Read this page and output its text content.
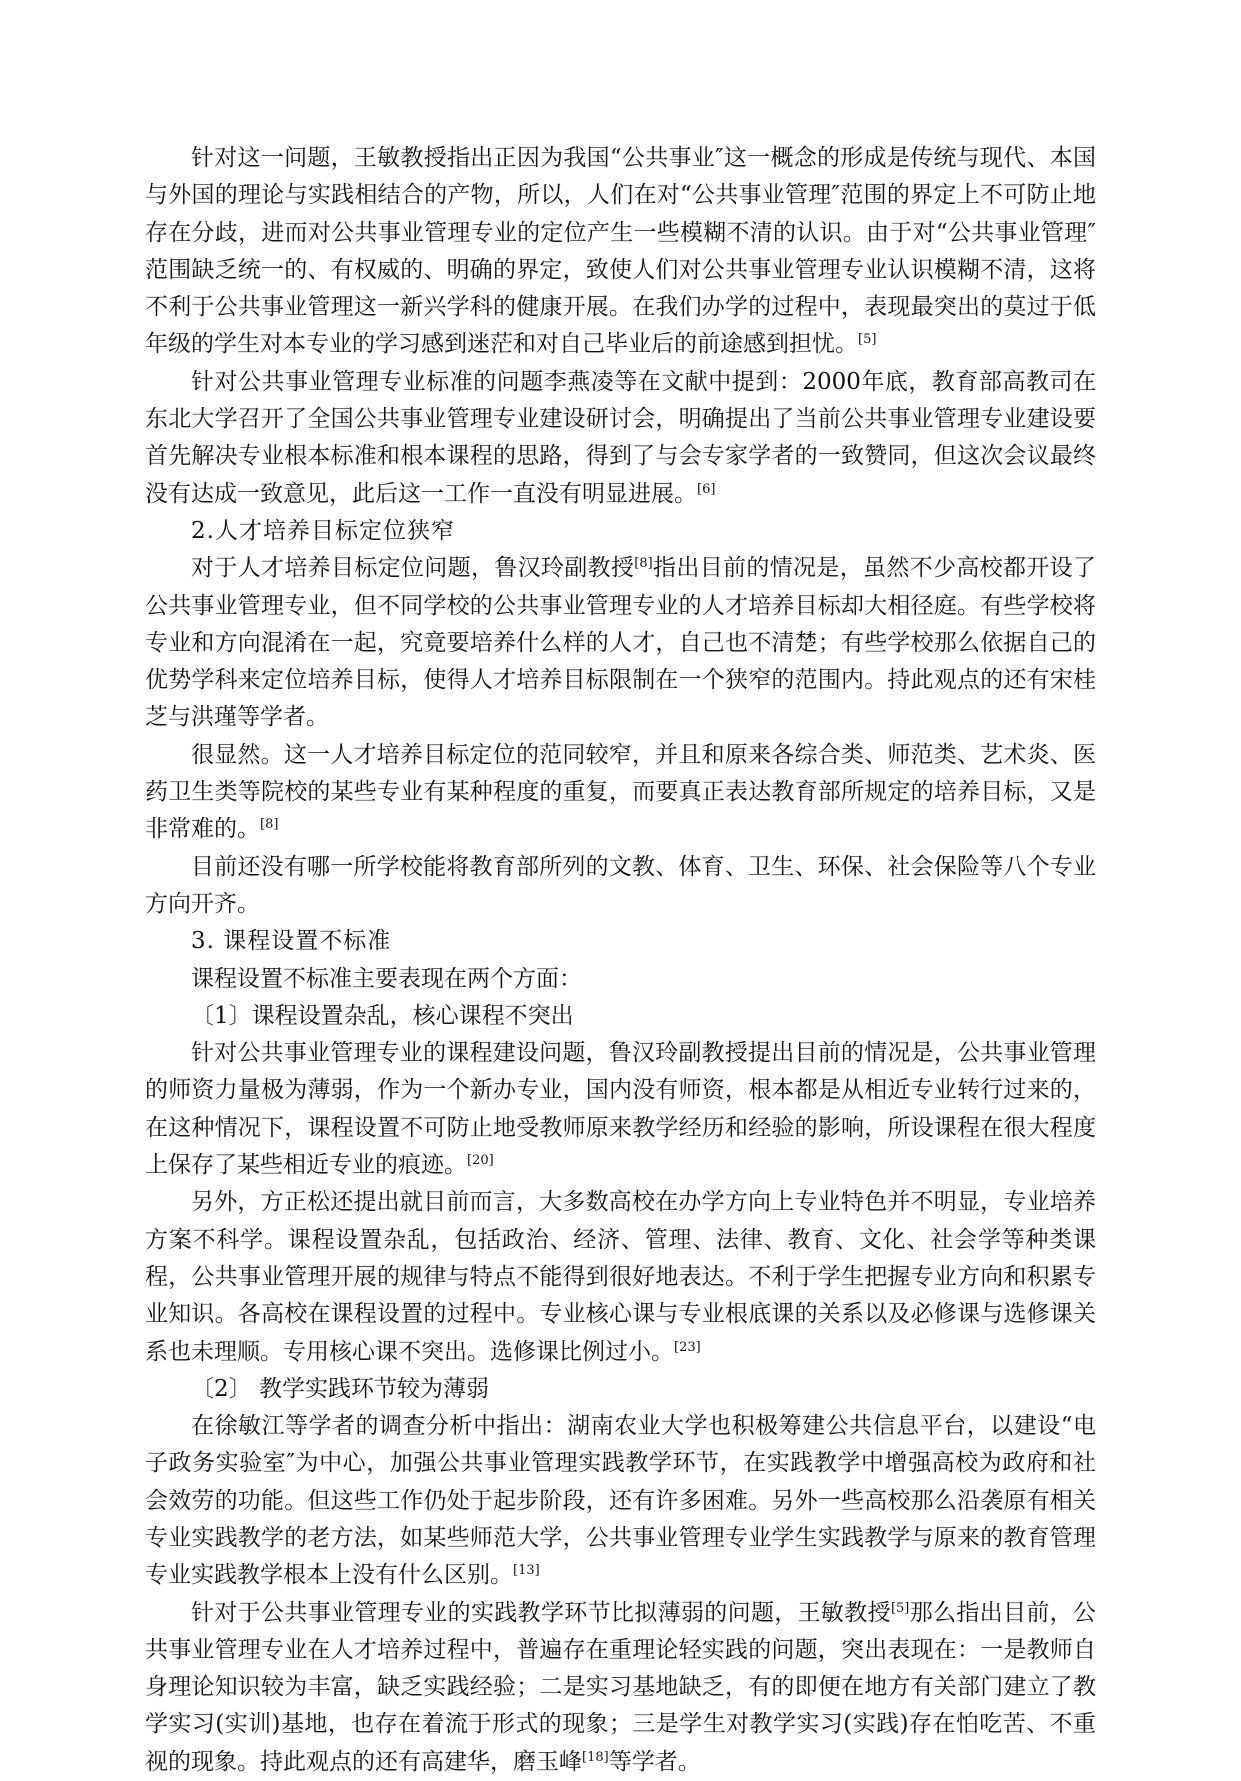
针对这一问题，王敏教授指出正因为我国“公共事业″这一概念的形成是传统与现代、本国与外国的理论与实践相结合的产物，所以，人们在对“公共事业管理″范围的界定上不可防止地存在分歧，进而对公共事业管理专业的定位产生一些模糊不清的认识。由于对“公共事业管理″范围缺乏统一的、有权威的、明确的界定，致使人们对公共事业管理专业认识模糊不清，这将不利于公共事业管理这一新兴学科的健康开展。在我们办学的过程中，表现最突出的莫过于低年级的学生对本专业的学习感到迷茫和对自己毕业后的前途感到担忧。[5]

针对公共事业管理专业标准的问题李燕凌等在文献中提到：2000年底，教育部高教司在东北大学召开了全国公共事业管理专业建设研讨会，明确提出了当前公共事业管理专业建设要首先解决专业根本标准和根本课程的思路，得到了与会专家学者的一致赞同，但这次会议最终没有达成一致意见，此后这一工作一直没有明显进展。[6]

2.人才培养目标定位狭窄

对于人才培养目标定位问题，鲁汉玲副教授[8]指出目前的情况是，虽然不少高校都开设了公共事业管理专业，但不同学校的公共事业管理专业的人才培养目标却大相径庭。有些学校将专业和方向混淆在一起，究竟要培养什么样的人才，自己也不清楚；有些学校那么依据自己的优势学科来定位培养目标，使得人才培养目标限制在一个狭窄的范围内。持此观点的还有宋桂芝与洪瑾等学者。

很显然。这一人才培养目标定位的范同较窄，并且和原来各综合类、师范类、艺术炎、医药卫生类等院校的某些专业有某种程度的重复，而要真正表达教育部所规定的培养目标，又是非常难的。[8]

目前还没有哪一所学校能将教育部所列的文教、体育、卫生、环保、社会保险等八个专业方向开齐。

3. 课程设置不标准

课程设置不标准主要表现在两个方面：

〔1〕课程设置杂乱，核心课程不突出

针对公共事业管理专业的课程建设问题，鲁汉玲副教授提出目前的情况是，公共事业管理的师资力量极为薄弱，作为一个新办专业，国内没有师资，根本都是从相近专业转行过来的，在这种情况下，课程设置不可防止地受教师原来教学经历和经验的影响，所设课程在很大程度上保存了某些相近专业的痕迹。[20]

另外，方正松还提出就目前而言，大多数高校在办学方向上专业特色并不明显，专业培养方案不科学。课程设置杂乱，包括政治、经济、管理、法律、教育、文化、社会学等种类课程，公共事业管理开展的规律与特点不能得到很好地表达。不利于学生把握专业方向和积累专业知识。各高校在课程设置的过程中。专业核心课与专业根底课的关系以及必修课与选修课关系也未理顺。专用核心课不突出。选修课比例过小。[23]

〔2〕 教学实践环节较为薄弱

在徐敏江等学者的调查分析中指出：湖南农业大学也积极筹建公共信息平台，以建设“电子政务实验室″为中心，加强公共事业管理实践教学环节，在实践教学中增强高校为政府和社会效劳的功能。但这些工作仍处于起步阶段，还有许多困难。另外一些高校那么沿袭原有相关专业实践教学的老方法，如某些师范大学，公共事业管理专业学生实践教学与原来的教育管理专业实践教学根本上没有什么区别。[13]

针对于公共事业管理专业的实践教学环节比拟薄弱的问题，王敏教授[5]那么指出目前，公共事业管理专业在人才培养过程中，普遍存在重理论轻实践的问题，突出表现在：一是教师自身理论知识较为丰富，缺乏实践经验；二是实习基地缺乏，有的即便在地方有关部门建立了教学实习(实训)基地，也存在着流于形式的现象；三是学生对教学实习(实践)存在怕吃苦、不重视的现象。持此观点的还有高建华，磨玉峰[18]等学者。
